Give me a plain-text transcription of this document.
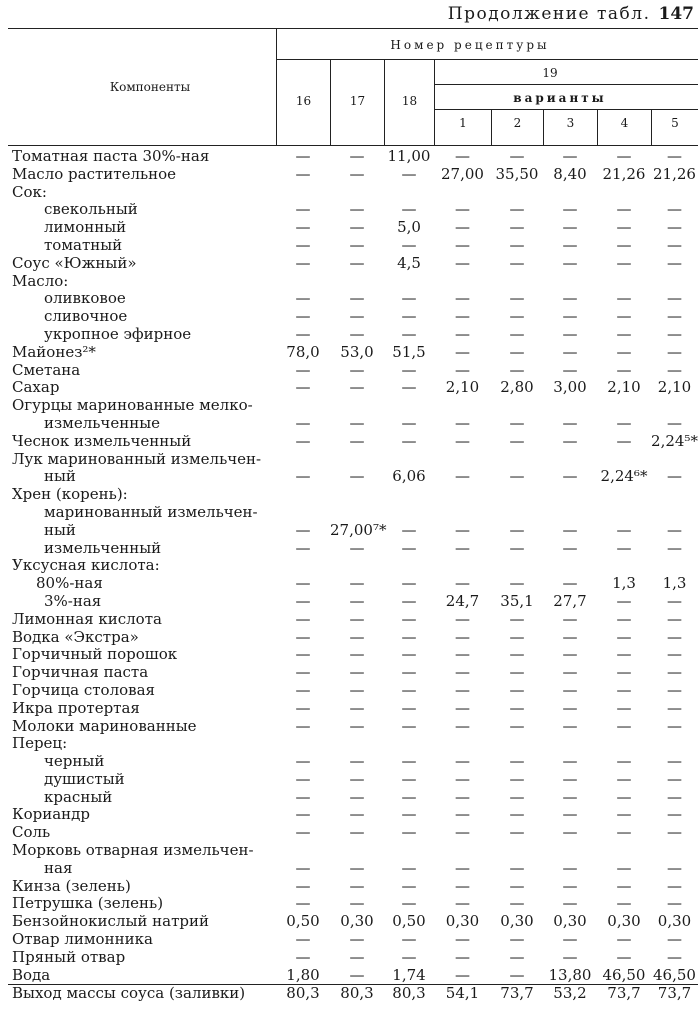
Продолжение табл. 147
Компоненты
Номер рецептуры
16	17	18
19
варианты
1	2	3	4	5
Томатная паста 30%-ная	—	—	11,00	—	—	—	—	—
Масло растительное	—	—	—	27,00	35,50	8,40	21,26	21,26
Сок:								
свекольный	—	—	—	—	—	—	—	—
лимонный	—	—	5,0	—	—	—	—	—
томатный	—	—	—	—	—	—	—	—
Соус «Южный»	—	—	4,5	—	—	—	—	—
Масло:								
оливковое	—	—	—	—	—	—	—	—
сливочное	—	—	—	—	—	—	—	—
укропное эфирное	—	—	—	—	—	—	—	—
Майонез²*	78,0	53,0	51,5	—	—	—	—	—
Сметана	—	—	—	—	—	—	—	—
Сахар	—	—	—	2,10	2,80	3,00	2,10	2,10
Огурцы маринованные мелко-								
измельченные	—	—	—	—	—	—	—	—
Чеснок измельченный	—	—	—	—	—	—	—	2,24⁵*
Лук маринованный измельчен-								
ный	—	—	6,06	—	—	—	2,24⁶*	—
Хрен (корень):								
маринованный измельчен-								
ный	—	27,00⁷*	—	—	—	—	—	—
измельченный	—	—	—	—	—	—	—	—
Уксусная кислота:								
80%-ная	—	—	—	—	—	—	1,3	1,3
3%-ная	—	—	—	24,7	35,1	27,7	—	—
Лимонная кислота	—	—	—	—	—	—	—	—
Водка «Экстра»	—	—	—	—	—	—	—	—
Горчичный порошок	—	—	—	—	—	—	—	—
Горчичная паста	—	—	—	—	—	—	—	—
Горчица столовая	—	—	—	—	—	—	—	—
Икра протертая	—	—	—	—	—	—	—	—
Молоки маринованные	—	—	—	—	—	—	—	—
Перец:								
черный	—	—	—	—	—	—	—	—
душистый	—	—	—	—	—	—	—	—
красный	—	—	—	—	—	—	—	—
Кориандр	—	—	—	—	—	—	—	—
Соль	—	—	—	—	—	—	—	—
Морковь отварная измельчен-								
ная	—	—	—	—	—	—	—	—
Кинза (зелень)	—	—	—	—	—	—	—	—
Петрушка (зелень)	—	—	—	—	—	—	—	—
Бензойнокислый натрий	0,50	0,30	0,50	0,30	0,30	0,30	0,30	0,30
Отвар лимонника	—	—	—	—	—	—	—	—
Пряный отвар	—	—	—	—	—	—	—	—
Вода	1,80	—	1,74	—	—	13,80	46,50	46,50
Выход массы соуса (заливки)	80,3	80,3	80,3	54,1	73,7	53,2	73,7	73,7
